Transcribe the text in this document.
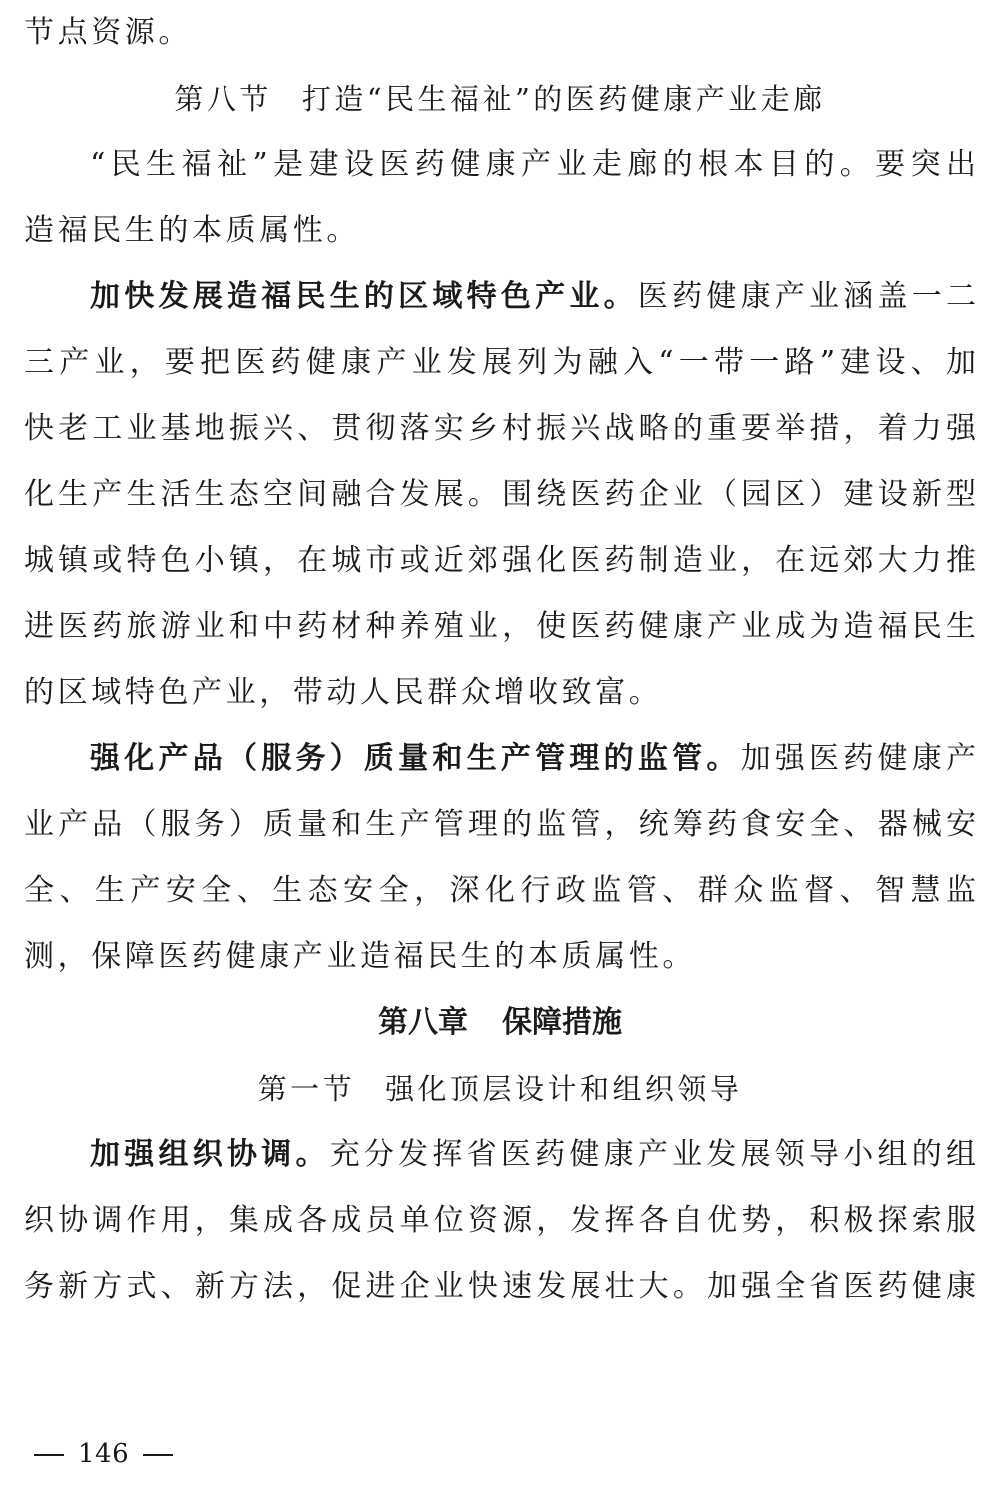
节点资源。
第八节 打造“民生福祉”的医药健康产业走廊
“民生福祉”是建设医药健康产业走廊的根本目的。要突出
造福民生的本质属性。
加快发展造福民生的区域特色产业。医药健康产业涵盖一二
三产业，要把医药健康产业发展列为融入“一带一路”建设、加
快老工业基地振兴、贯彻落实乡村振兴战略的重要举措，着力强
化生产生活生态空间融合发展。围绕医药企业（园区）建设新型
城镇或特色小镇，在城市或近郊强化医药制造业，在远郊大力推
进医药旅游业和中药材种养殖业，使医药健康产业成为造福民生
的区域特色产业，带动人民群众增收致富。
强化产品（服务）质量和生产管理的监管。加强医药健康产
业产品（服务）质量和生产管理的监管，统筹药食安全、器械安
全、生产安全、生态安全，深化行政监管、群众监督、智慧监
测，保障医药健康产业造福民生的本质属性。
第八章 保障措施
第一节 强化顶层设计和组织领导
加强组织协调。充分发挥省医药健康产业发展领导小组的组
织协调作用，集成各成员单位资源，发挥各自优势，积极探索服
务新方式、新方法，促进企业快速发展壮大。加强全省医药健康
146
